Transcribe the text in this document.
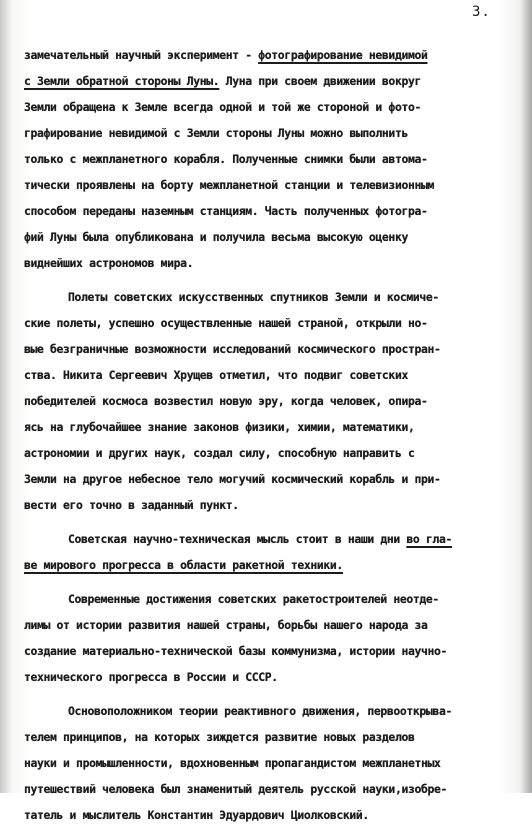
3.
замечательный научный эксперимент - фотографирование невидимой
с Земли обратной стороны Луны. Луна при своем движении вокруг
Земли обращена к Земле всегда одной и той же стороной и фото-
графирование невидимой с Земли стороны Луны можно выполнить
только с межпланетного корабля. Полученные снимки были автома-
тически проявлены на борту межпланетной станции и телевизионным
способом переданы наземным станциям. Часть полученных фотогра-
фий Луны была опубликована и получила весьма высокую оценку
виднейших астрономов мира.
Полеты советских искусственных спутников Земли и космиче-
ские полеты, успешно осуществленные нашей страной, открыли но-
вые безграничные возможности исследований космического простран-
ства. Никита Сергеевич Хрущев отметил, что подвиг советских
победителей космоса возвестил новую эру, когда человек, опира-
ясь на глубочайшее знание законов физики, химии, математики,
астрономии и других наук, создал силу, способную направить с
Земли на другое небесное тело могучий космический корабль и при-
вести его точно в заданный пункт.
Советская научно-техническая мысль стоит в наши дни во гла-
ве мирового прогресса в области ракетной техники.
Современные достижения советских ракетостроителей неотде-
лимы от истории развития нашей страны, борьбы нашего народа за
создание материально-технической базы коммунизма, истории научно-
технического прогресса в России и СССР.
Основоположником теории реактивного движения, первооткрыва-
телем принципов, на которых зиждется развитие новых разделов
науки и промышленности, вдохновенным пропагандистом межпланетных
путешествий человека был знаменитый деятель русской науки,изобре-
татель и мыслитель Константин Эдуардович Циолковский.
